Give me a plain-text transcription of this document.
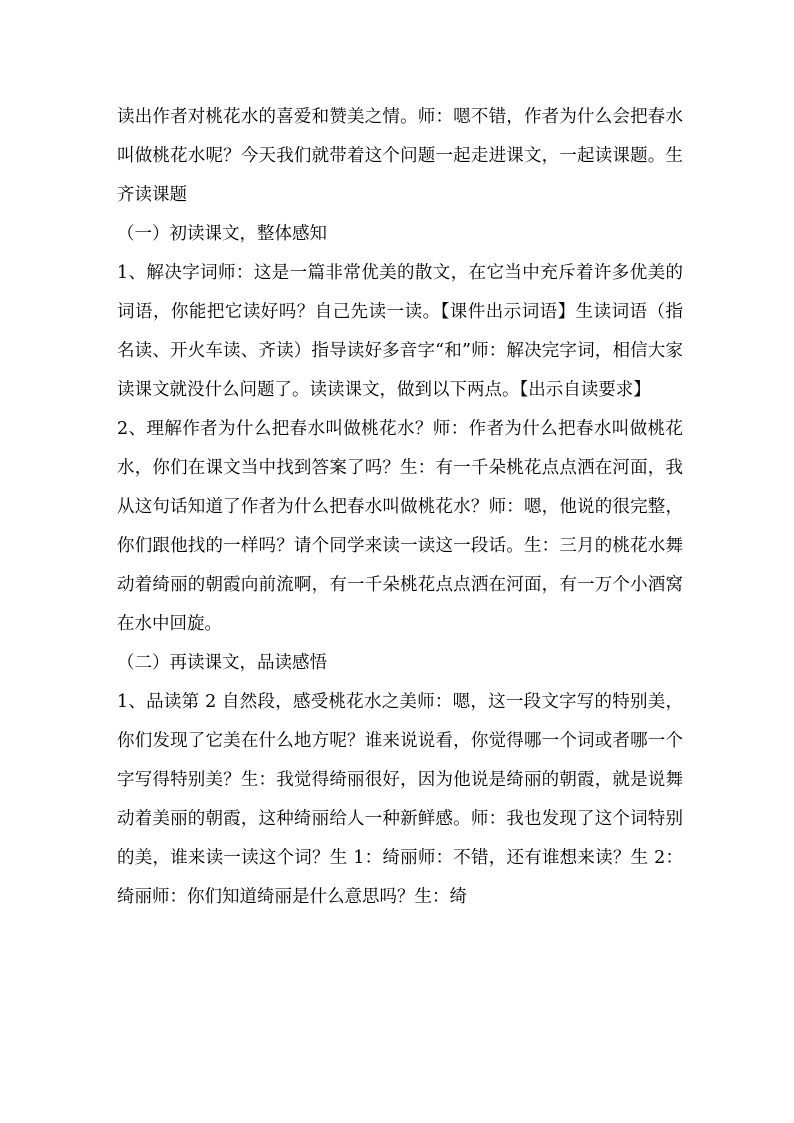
读出作者对桃花水的喜爱和赞美之情。师：嗯不错，作者为什么会把春水叫做桃花水呢？今天我们就带着这个问题一起走进课文，一起读课题。生齐读课题

（一）初读课文，整体感知

1、解决字词师：这是一篇非常优美的散文，在它当中充斥着许多优美的词语，你能把它读好吗？自己先读一读。【课件出示词语】生读词语（指名读、开火车读、齐读）指导读好多音字“和”师：解决完字词，相信大家读课文就没什么问题了。读读课文，做到以下两点。【出示自读要求】

2、理解作者为什么把春水叫做桃花水？师：作者为什么把春水叫做桃花水，你们在课文当中找到答案了吗？生：有一千朵桃花点点洒在河面，我从这句话知道了作者为什么把春水叫做桃花水？师：嗯，他说的很完整，你们跟他找的一样吗？请个同学来读一读这一段话。生：三月的桃花水舞动着绮丽的朝霞向前流啊，有一千朵桃花点点洒在河面，有一万个小酒窝在水中回旋。

（二）再读课文，品读感悟

1、品读第 2 自然段，感受桃花水之美师：嗯，这一段文字写的特别美，你们发现了它美在什么地方呢？谁来说说看，你觉得哪一个词或者哪一个字写得特别美？生：我觉得绮丽很好，因为他说是绮丽的朝霞，就是说舞动着美丽的朝霞，这种绮丽给人一种新鲜感。师：我也发现了这个词特别的美，谁来读一读这个词？生 1：绮丽师：不错，还有谁想来读？生 2：绮丽师：你们知道绮丽是什么意思吗？生：绮
